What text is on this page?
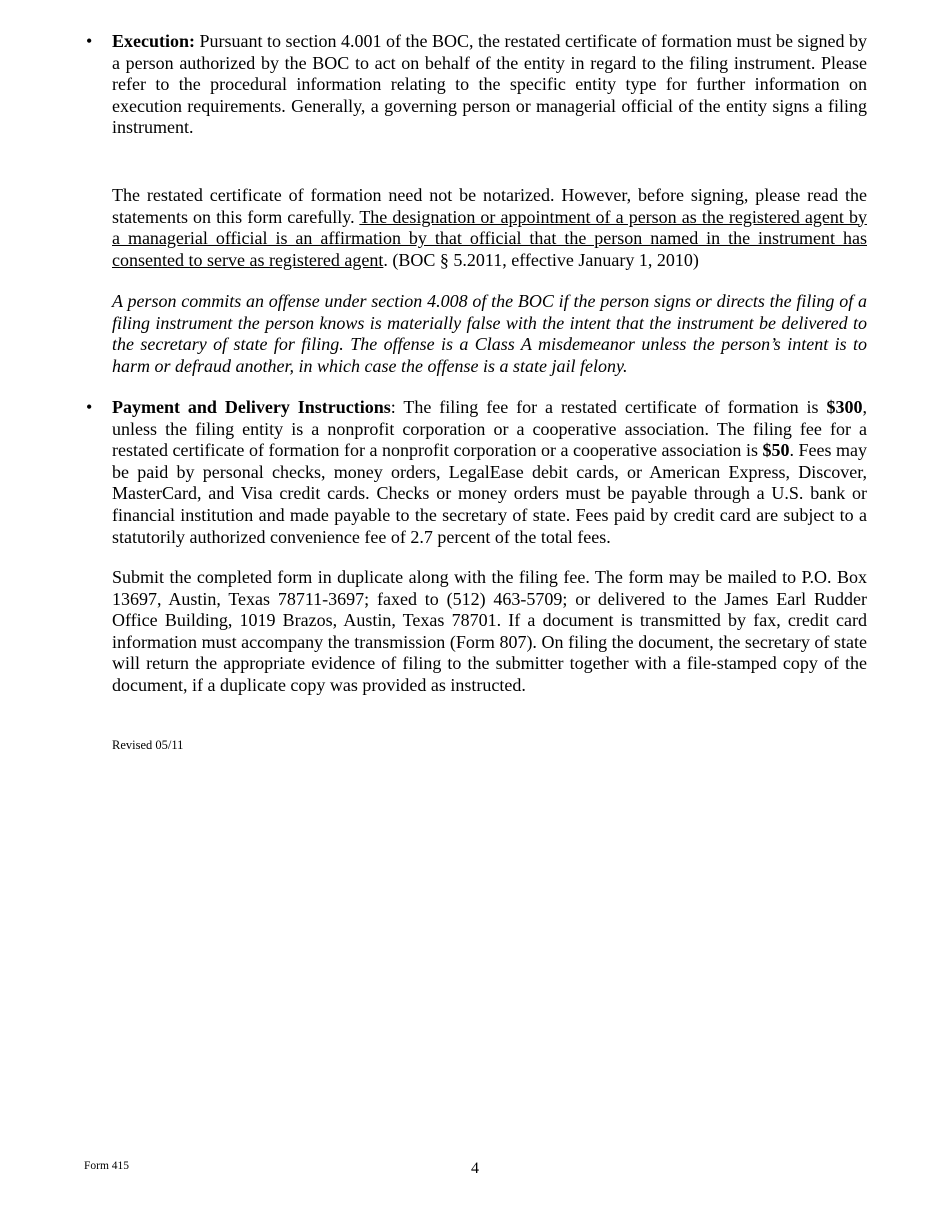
• Execution: Pursuant to section 4.001 of the BOC, the restated certificate of formation must be signed by a person authorized by the BOC to act on behalf of the entity in regard to the filing instrument. Please refer to the procedural information relating to the specific entity type for further information on execution requirements. Generally, a governing person or managerial official of the entity signs a filing instrument.
The restated certificate of formation need not be notarized. However, before signing, please read the statements on this form carefully. The designation or appointment of a person as the registered agent by a managerial official is an affirmation by that official that the person named in the instrument has consented to serve as registered agent. (BOC § 5.2011, effective January 1, 2010)
A person commits an offense under section 4.008 of the BOC if the person signs or directs the filing of a filing instrument the person knows is materially false with the intent that the instrument be delivered to the secretary of state for filing. The offense is a Class A misdemeanor unless the person’s intent is to harm or defraud another, in which case the offense is a state jail felony.
• Payment and Delivery Instructions: The filing fee for a restated certificate of formation is $300, unless the filing entity is a nonprofit corporation or a cooperative association. The filing fee for a restated certificate of formation for a nonprofit corporation or a cooperative association is $50. Fees may be paid by personal checks, money orders, LegalEase debit cards, or American Express, Discover, MasterCard, and Visa credit cards. Checks or money orders must be payable through a U.S. bank or financial institution and made payable to the secretary of state. Fees paid by credit card are subject to a statutorily authorized convenience fee of 2.7 percent of the total fees.
Submit the completed form in duplicate along with the filing fee. The form may be mailed to P.O. Box 13697, Austin, Texas 78711-3697; faxed to (512) 463-5709; or delivered to the James Earl Rudder Office Building, 1019 Brazos, Austin, Texas 78701. If a document is transmitted by fax, credit card information must accompany the transmission (Form 807). On filing the document, the secretary of state will return the appropriate evidence of filing to the submitter together with a file-stamped copy of the document, if a duplicate copy was provided as instructed.
Revised 05/11
Form 415	4
